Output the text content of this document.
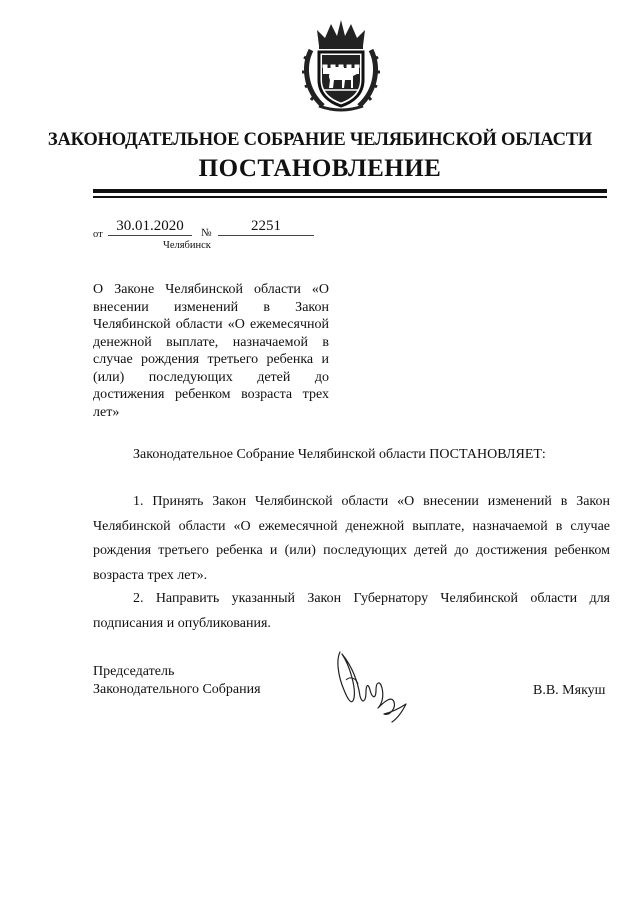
ЗАКОНОДАТЕЛЬНОЕ СОБРАНИЕ ЧЕЛЯБИНСКОЙ ОБЛАСТИ
ПОСТАНОВЛЕНИЕ
от
30.01.2020	№	2251
Челябинск
О Законе Челябинской области «О внесении изменений в Закон Челябинской области «О ежемесячной денежной выплате, назначаемой в случае рождения третьего ребенка и (или) последующих детей до достижения ребенком возраста трех лет»
Законодательное Собрание Челябинской области ПОСТАНОВЛЯЕТ:
1. Принять Закон Челябинской области «О внесении изменений в Закон Челябинской области «О ежемесячной денежной выплате, назначаемой в случае рождения третьего ребенка и (или) последующих детей до достижения ребенком возраста трех лет».
2. Направить указанный Закон Губернатору Челябинской области для подписания и опубликования.
Председатель
Законодательного Собрания	В.В. Мякуш
